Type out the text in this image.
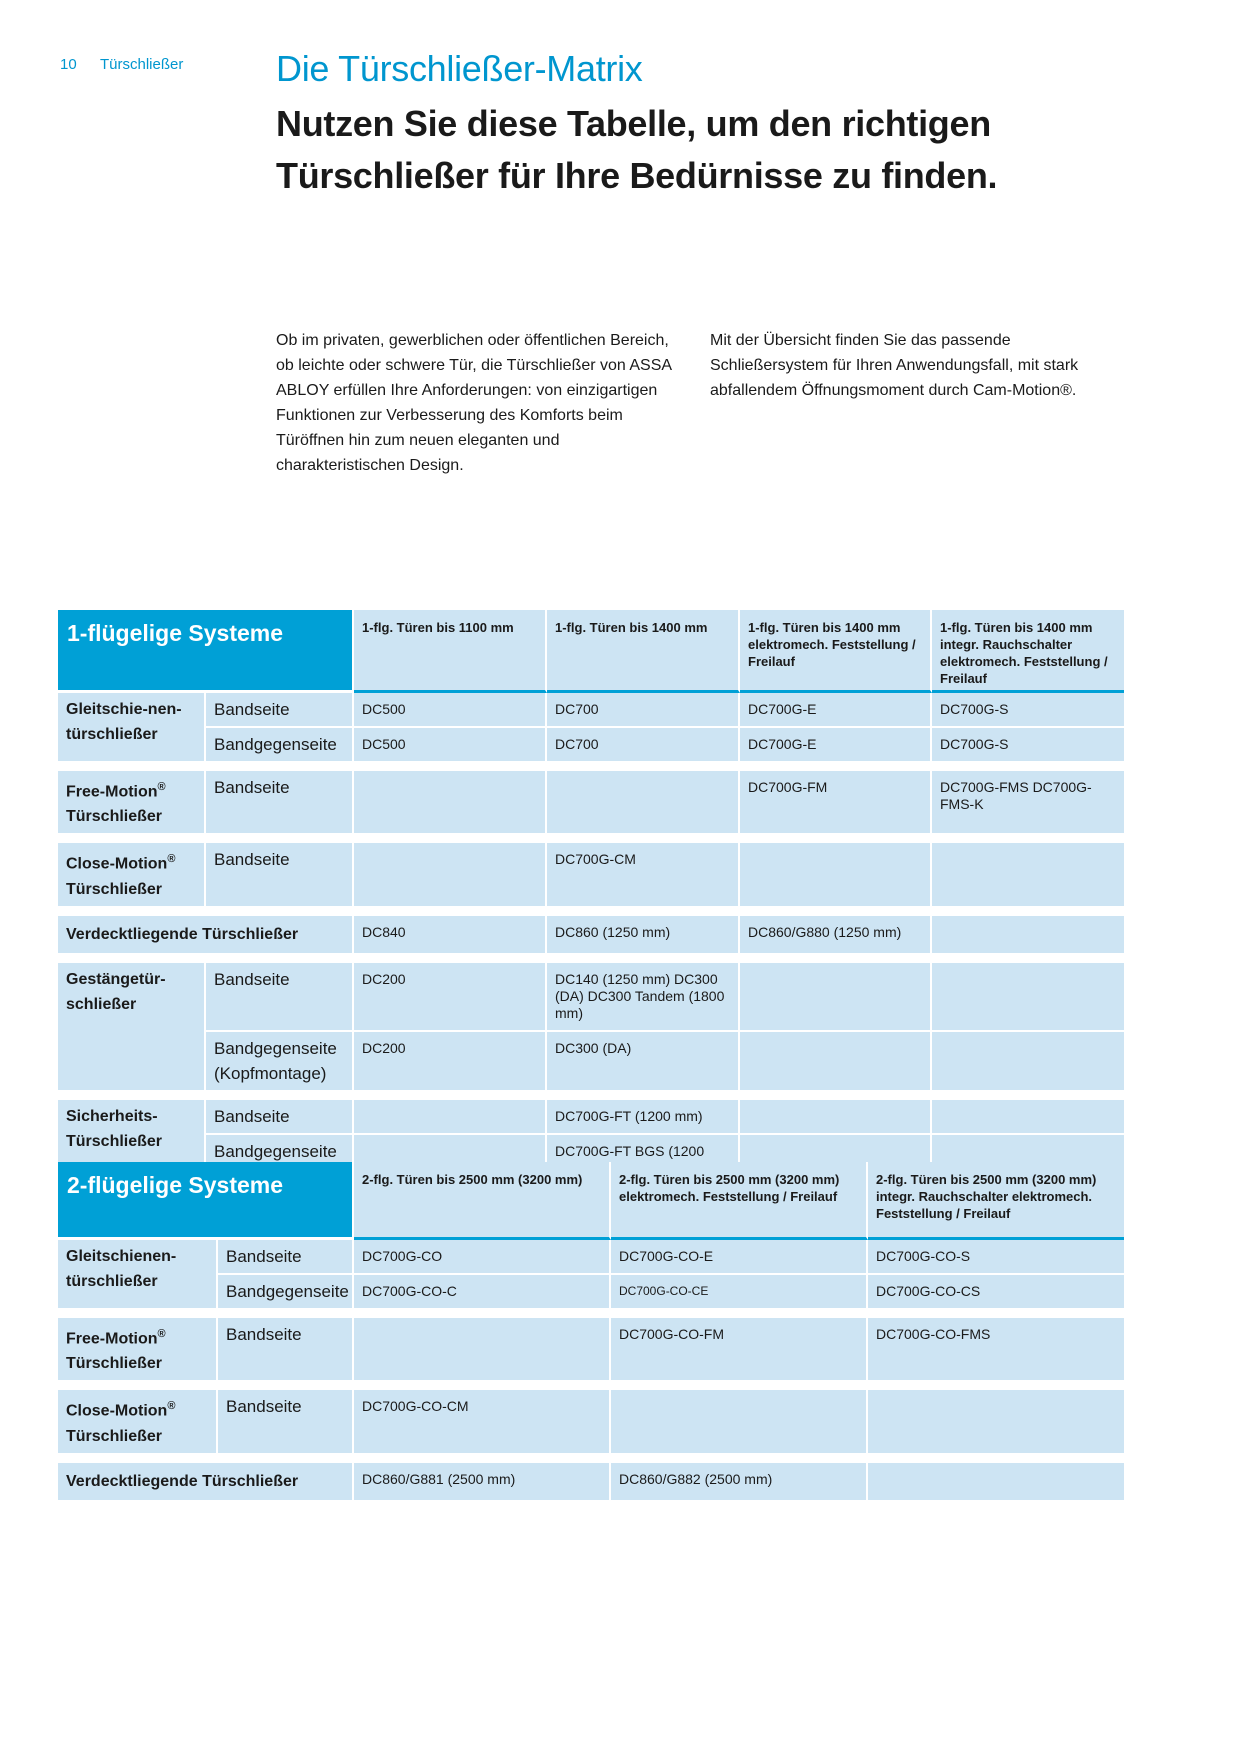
10 Türschließer	Die Türschließer-Matrix
Nutzen Sie diese Tabelle, um den richtigen Türschließer für Ihre Bedürnisse zu finden.

Ob im privaten, gewerblichen oder öffentlichen Bereich, ob leichte oder schwere Tür, die Türschließer von ASSA ABLOY erfüllen Ihre Anforderungen: von einzigartigen Funktionen zur Verbesserung des Komforts beim Türöffnen hin zum neuen eleganten und charakteristischen Design.

Mit der Übersicht finden Sie das passende Schließersystem für Ihren Anwendungsfall, mit stark abfallendem Öffnungsmoment durch Cam-Motion®.

1-flügelige Systeme		1-flg. Türen bis 1100 mm	1-flg. Türen bis 1400 mm	1-flg. Türen bis 1400 mm elektromech. Feststellung / Freilauf	1-flg. Türen bis 1400 mm integr. Rauchschalter elektromech. Feststellung / Freilauf
Gleitschie-nen-türschließer	Bandseite	DC500	DC700	DC700G-E	DC700G-S
	Bandgegenseite	DC500	DC700	DC700G-E	DC700G-S

Free-Motion®
Türschließer	Bandseite			DC700G-FM	DC700G-FMS DC700G-FMS-K

Close-Motion®
Türschließer	Bandseite		DC700G-CM		

Verdecktliegende Türschließer		DC840	DC860 (1250 mm)	DC860/G880 (1250 mm)	

Gestängetür-schließer	Bandseite	DC200	DC140 (1250 mm) DC300 (DA) DC300 Tandem (1800 mm)		
	Bandgegenseite (Kopfmontage)	DC200	DC300 (DA)		

Sicherheits-Türschließer	Bandseite		DC700G-FT (1200 mm)		
	Bandgegenseite		DC700G-FT BGS (1200		
2-flügelige Systeme		2-flg. Türen bis 2500 mm (3200 mm)	2-flg. Türen bis 2500 mm (3200 mm) elektromech. Feststellung / Freilauf	2-flg. Türen bis 2500 mm (3200 mm) integr. Rauchschalter elektromech. Feststellung / Freilauf
Gleitschienen-türschließer	Bandseite	DC700G-CO	DC700G-CO-E	DC700G-CO-S
	Bandgegenseite	DC700G-CO-C	DC700G-CO-CE	DC700G-CO-CS

Free-Motion®
Türschließer	Bandseite		DC700G-CO-FM	DC700G-CO-FMS

Close-Motion®
Türschließer	Bandseite	DC700G-CO-CM		

Verdecktliegende Türschließer		DC860/G881 (2500 mm)	DC860/G882 (2500 mm)	
